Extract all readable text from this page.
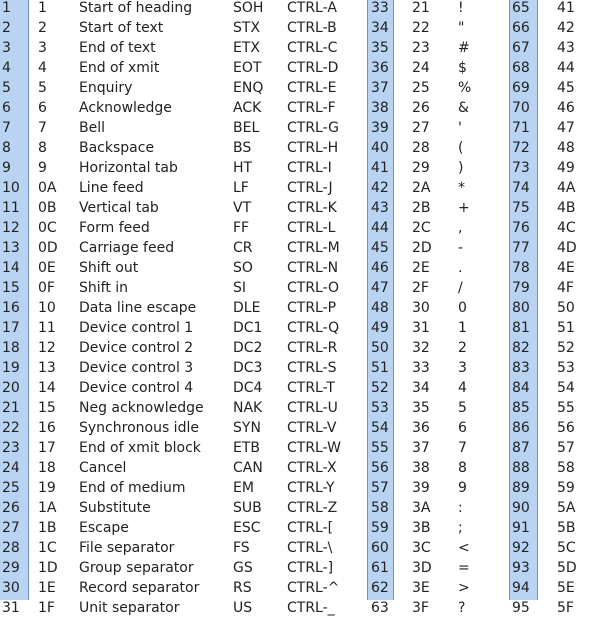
1	1	Start of heading	SOH	CTRL-A	33	21	!	65	41
2	2	Start of text	STX	CTRL-B	34	22	"	66	42
3	3	End of text	ETX	CTRL-C	35	23	#	67	43
4	4	End of xmit	EOT	CTRL-D	36	24	$	68	44
5	5	Enquiry	ENQ	CTRL-E	37	25	%	69	45
6	6	Acknowledge	ACK	CTRL-F	38	26	&	70	46
7	7	Bell	BEL	CTRL-G	39	27	'	71	47
8	8	Backspace	BS	CTRL-H	40	28	(	72	48
9	9	Horizontal tab	HT	CTRL-I	41	29	)	73	49
10	0A	Line feed	LF	CTRL-J	42	2A	*	74	4A
11	0B	Vertical tab	VT	CTRL-K	43	2B	+	75	4B
12	0C	Form feed	FF	CTRL-L	44	2C	,	76	4C
13	0D	Carriage feed	CR	CTRL-M	45	2D	-	77	4D
14	0E	Shift out	SO	CTRL-N	46	2E	.	78	4E
15	0F	Shift in	SI	CTRL-O	47	2F	/	79	4F
16	10	Data line escape	DLE	CTRL-P	48	30	0	80	50
17	11	Device control 1	DC1	CTRL-Q	49	31	1	81	51
18	12	Device control 2	DC2	CTRL-R	50	32	2	82	52
19	13	Device control 3	DC3	CTRL-S	51	33	3	83	53
20	14	Device control 4	DC4	CTRL-T	52	34	4	84	54
21	15	Neg acknowledge	NAK	CTRL-U	53	35	5	85	55
22	16	Synchronous idle	SYN	CTRL-V	54	36	6	86	56
23	17	End of xmit block	ETB	CTRL-W	55	37	7	87	57
24	18	Cancel	CAN	CTRL-X	56	38	8	88	58
25	19	End of medium	EM	CTRL-Y	57	39	9	89	59
26	1A	Substitute	SUB	CTRL-Z	58	3A	:	90	5A
27	1B	Escape	ESC	CTRL-[	59	3B	;	91	5B
28	1C	File separator	FS	CTRL-\	60	3C	<	92	5C
29	1D	Group separator	GS	CTRL-]	61	3D	=	93	5D
30	1E	Record separator	RS	CTRL-^	62	3E	>	94	5E
31	1F	Unit separator	US	CTRL-_	63	3F	?	95	5F
